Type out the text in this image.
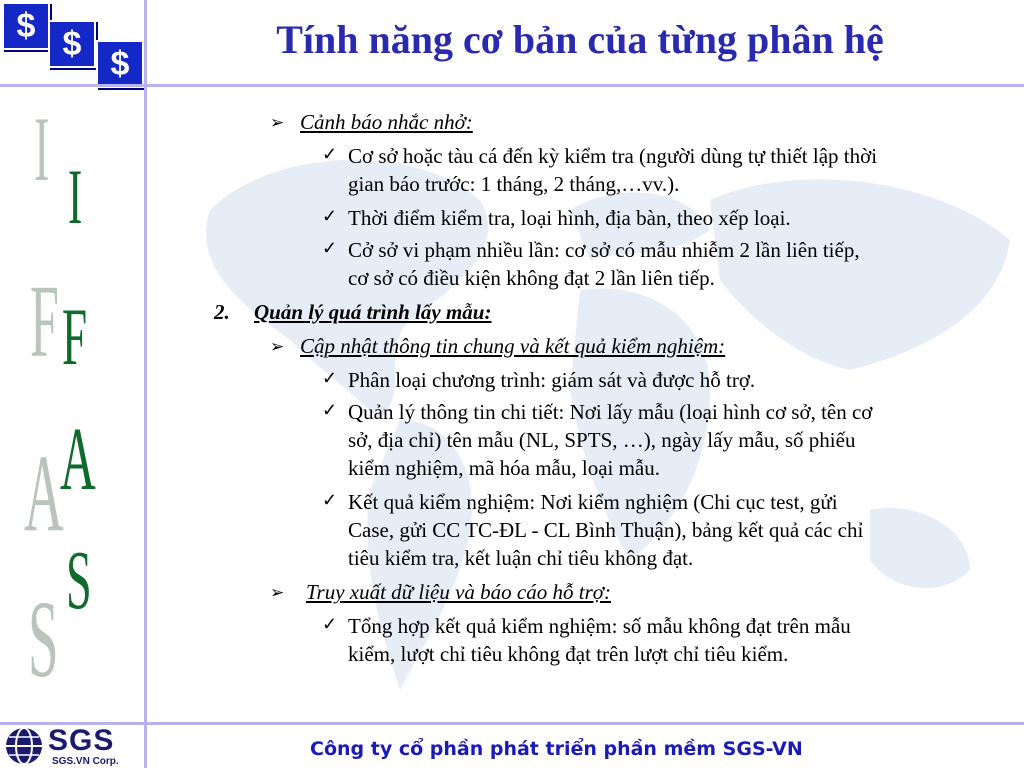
$ $
$
Tính năng cơ bản của từng phân hệ
I I
F F
A
A
S
S
➢ Cảnh báo nhắc nhở:
✓ Cơ sở hoặc tàu cá đến kỳ kiểm tra (người dùng tự thiết lập thời
gian báo trước: 1 tháng, 2 tháng,…vv.).
✓ Thời điểm kiểm tra, loại hình, địa bàn, theo xếp loại.
✓ Cở sở vi phạm nhiều lần: cơ sở có mẫu nhiễm 2 lần liên tiếp,
cơ sở có điều kiện không đạt 2 lần liên tiếp.
2. Quản lý quá trình lấy mẫu:
➢ Cập nhật thông tin chung và kết quả kiểm nghiệm:
✓ Phân loại chương trình: giám sát và được hỗ trợ.
✓ Quản lý thông tin chi tiết: Nơi lấy mẫu (loại hình cơ sở, tên cơ
sở, địa chỉ) tên mẫu (NL, SPTS, …), ngày lấy mẫu, số phiếu
kiểm nghiệm, mã hóa mẫu, loại mẫu.
✓ Kết quả kiểm nghiệm: Nơi kiểm nghiệm (Chi cục test, gửi
Case, gửi CC TC-ĐL - CL Bình Thuận), bảng kết quả các chỉ
tiêu kiểm tra, kết luận chỉ tiêu không đạt.
➢ Truy xuất dữ liệu và báo cáo hỗ trợ:
✓ Tổng hợp kết quả kiểm nghiệm: số mẫu không đạt trên mẫu
kiểm, lượt chỉ tiêu không đạt trên lượt chỉ tiêu kiểm.
SGS
SGS.VN Corp.
Công ty cổ phần phát triển phần mềm SGS-VN
